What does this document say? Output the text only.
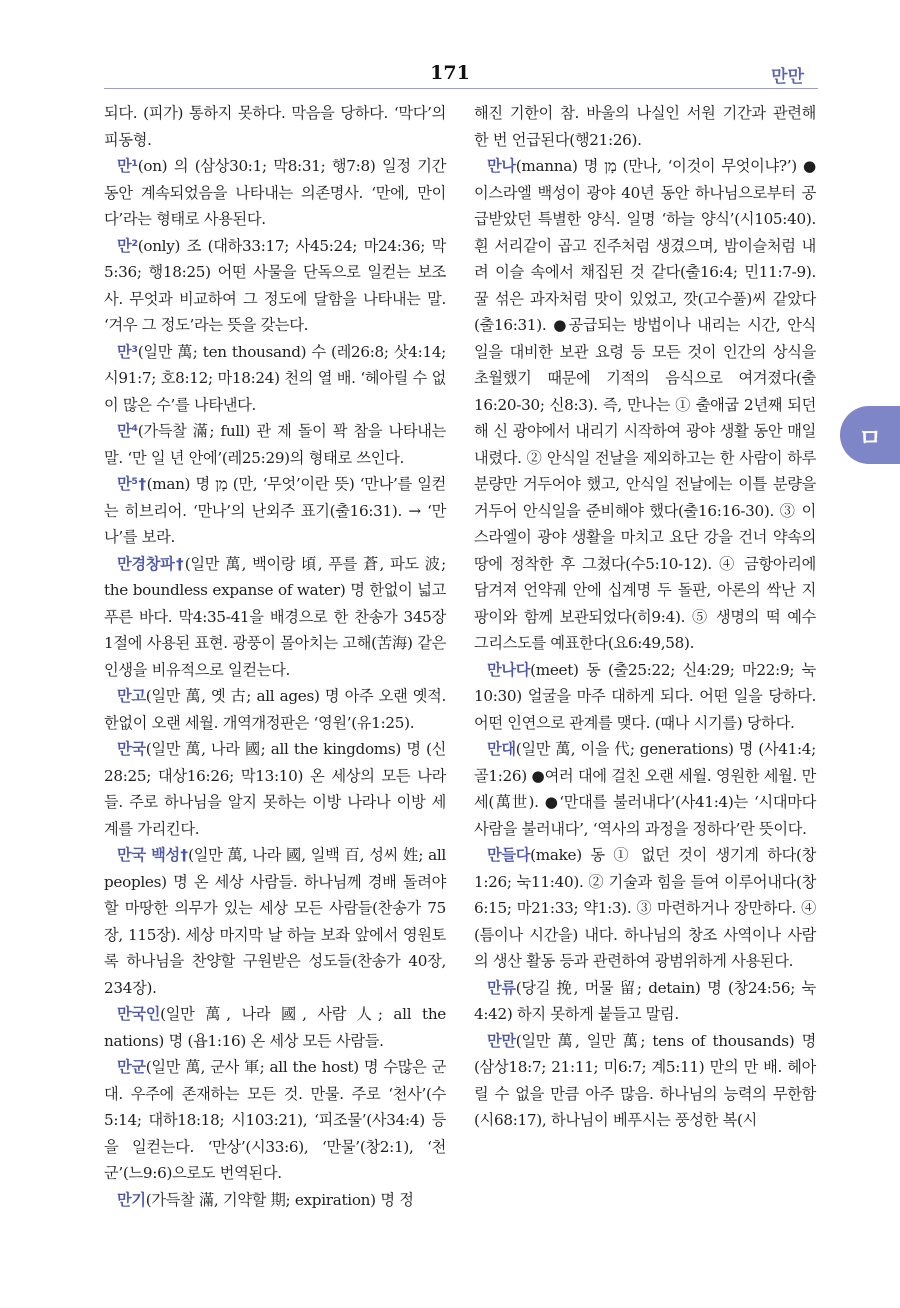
171	만만

되다. (피가) 통하지 못하다. 막음을 당하다. ‘막다’의 피동형.

만¹(on) 의 (삼상30:1; 막8:31; 행7:8) 일정 기간 동안 계속되었음을 나타내는 의존명사. ‘만에, 만이다’라는 형태로 사용된다.

만²(only) 조 (대하33:17; 사45:24; 마24:36; 막5:36; 행18:25) 어떤 사물을 단독으로 일컫는 보조사. 무엇과 비교하여 그 정도에 달함을 나타내는 말. ‘겨우 그 정도’라는 뜻을 갖는다.

만³(일만 萬; ten thousand) 수 (레26:8; 삿4:14; 시91:7; 호8:12; 마18:24) 천의 열 배. ‘헤아릴 수 없이 많은 수’를 나타낸다.

만⁴(가득찰 滿; full) 관 제 돌이 꽉 참을 나타내는 말. ‘만 일 년 안에’(레25:29)의 형태로 쓰인다.

만⁵†(man) 명 מָן (만, ‘무엇’이란 뜻) ‘만나’를 일컫는 히브리어. ‘만나’의 난외주 표기(출16:31). → ‘만나’를 보라.

만경창파†(일만 萬, 백이랑 頃, 푸를 蒼, 파도 波; the boundless expanse of water) 명 한없이 넓고 푸른 바다. 막4:35-41을 배경으로 한 찬송가 345장 1절에 사용된 표현. 광풍이 몰아치는 고해(苦海) 같은 인생을 비유적으로 일컫는다.

만고(일만 萬, 옛 古; all ages) 명 아주 오랜 옛적. 한없이 오랜 세월. 개역개정판은 ‘영원’(유1:25).

만국(일만 萬, 나라 國; all the kingdoms) 명 (신28:25; 대상16:26; 막13:10) 온 세상의 모든 나라들. 주로 하나님을 알지 못하는 이방 나라나 이방 세계를 가리킨다.

만국 백성†(일만 萬, 나라 國, 일백 百, 성씨 姓; all peoples) 명 온 세상 사람들. 하나님께 경배 돌려야 할 마땅한 의무가 있는 세상 모든 사람들(찬송가 75장, 115장). 세상 마지막 날 하늘 보좌 앞에서 영원토록 하나님을 찬양할 구원받은 성도들(찬송가 40장, 234장).

만국인(일만 萬, 나라 國, 사람 人; all the nations) 명 (욥1:16) 온 세상 모든 사람들.

만군(일만 萬, 군사 軍; all the host) 명 수많은 군대. 우주에 존재하는 모든 것. 만물. 주로 ‘천사’(수5:14; 대하18:18; 시103:21), ‘피조물’(사34:4) 등을 일컫는다. ‘만상’(시33:6), ‘만물’(창2:1), ‘천군’(느9:6)으로도 번역된다.

만기(가득찰 滿, 기약할 期; expiration) 명 정

해진 기한이 참. 바울의 나실인 서원 기간과 관련해 한 번 언급된다(행21:26).

만나(manna) 명 מָן (만나, ‘이것이 무엇이냐?’) ●이스라엘 백성이 광야 40년 동안 하나님으로부터 공급받았던 특별한 양식. 일명 ‘하늘 양식’(시105:40). 흰 서리같이 곱고 진주처럼 생겼으며, 밤이슬처럼 내려 이슬 속에서 채집된 것 같다(출16:4; 민11:7-9). 꿀 섞은 과자처럼 맛이 있었고, 깟(고수풀)씨 같았다(출16:31). ●공급되는 방법이나 내리는 시간, 안식일을 대비한 보관 요령 등 모든 것이 인간의 상식을 초월했기 때문에 기적의 음식으로 여겨졌다(출16:20-30; 신8:3). 즉, 만나는 ① 출애굽 2년째 되던 해 신 광야에서 내리기 시작하여 광야 생활 동안 매일 내렸다. ② 안식일 전날을 제외하고는 한 사람이 하루 분량만 거두어야 했고, 안식일 전날에는 이틀 분량을 거두어 안식일을 준비해야 했다(출16:16-30). ③ 이스라엘이 광야 생활을 마치고 요단 강을 건너 약속의 땅에 정착한 후 그쳤다(수5:10-12). ④ 금항아리에 담겨져 언약궤 안에 십계명 두 돌판, 아론의 싹난 지팡이와 함께 보관되었다(히9:4). ⑤ 생명의 떡 예수 그리스도를 예표한다(요6:49,58).

만나다(meet) 동 (출25:22; 신4:29; 마22:9; 눅10:30) 얼굴을 마주 대하게 되다. 어떤 일을 당하다. 어떤 인연으로 관계를 맺다. (때나 시기를) 당하다.

만대(일만 萬, 이을 代; generations) 명 (사41:4; 골1:26) ●여러 대에 걸친 오랜 세월. 영원한 세월. 만세(萬世). ●‘만대를 불러내다’(사41:4)는 ‘시대마다 사람을 불러내다’, ‘역사의 과정을 정하다’란 뜻이다.

만들다(make) 동 ① 없던 것이 생기게 하다(창1:26; 눅11:40). ② 기술과 힘을 들여 이루어내다(창6:15; 마21:33; 약1:3). ③ 마련하거나 장만하다. ④ (틈이나 시간을) 내다. 하나님의 창조 사역이나 사람의 생산 활동 등과 관련하여 광범위하게 사용된다.

만류(당길 挽, 머물 留; detain) 명 (창24:56; 눅4:42) 하지 못하게 붙들고 말림.

만만(일만 萬, 일만 萬; tens of thousands) 명 (삼상18:7; 21:11; 미6:7; 계5:11) 만의 만 배. 헤아릴 수 없을 만큼 아주 많음. 하나님의 능력의 무한함(시68:17), 하나님이 베푸시는 풍성한 복(시

ㅁ
